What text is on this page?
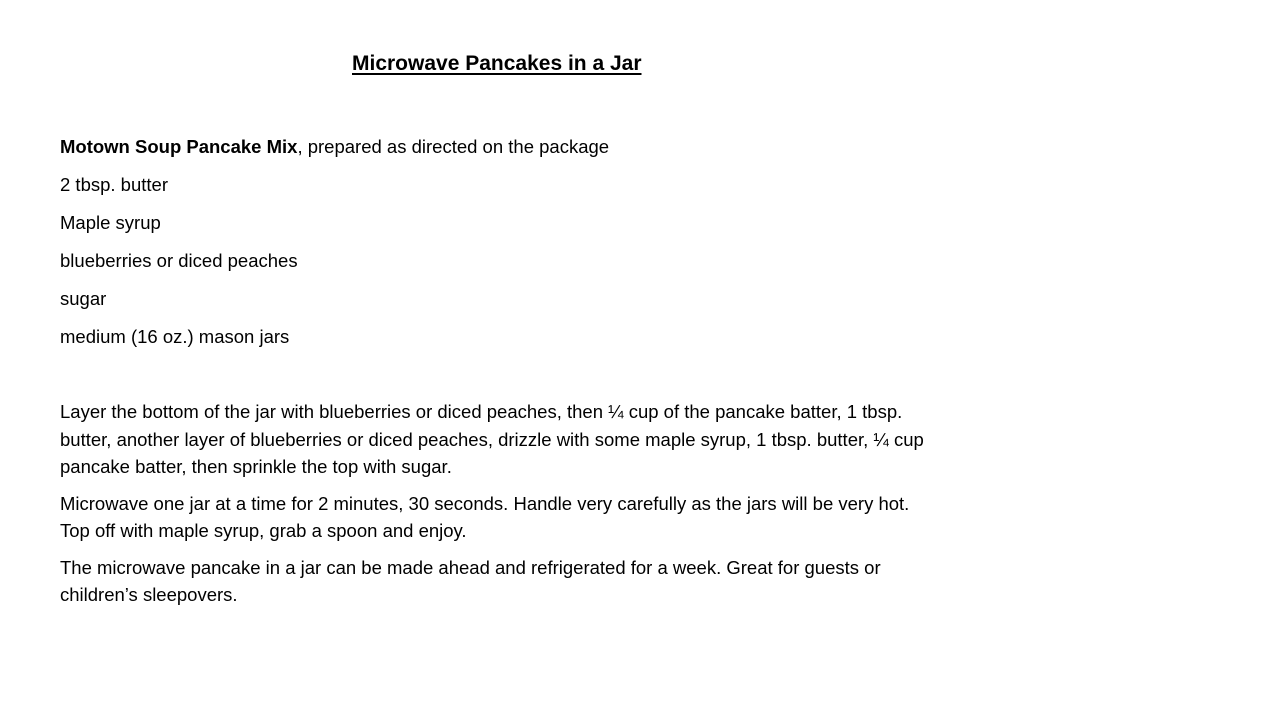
Microwave Pancakes in a Jar
Motown Soup Pancake Mix, prepared as directed on the package
2 tbsp. butter
Maple syrup
blueberries or diced peaches
sugar
medium (16 oz.) mason jars

Layer the bottom of the jar with blueberries or diced peaches, then ¼ cup of the pancake batter, 1 tbsp. butter, another layer of blueberries or diced peaches, drizzle with some maple syrup, 1 tbsp. butter, ¼ cup pancake batter, then sprinkle the top with sugar.

Microwave one jar at a time for 2 minutes, 30 seconds. Handle very carefully as the jars will be very hot. Top off with maple syrup, grab a spoon and enjoy.

The microwave pancake in a jar can be made ahead and refrigerated for a week. Great for guests or children’s sleepovers.
